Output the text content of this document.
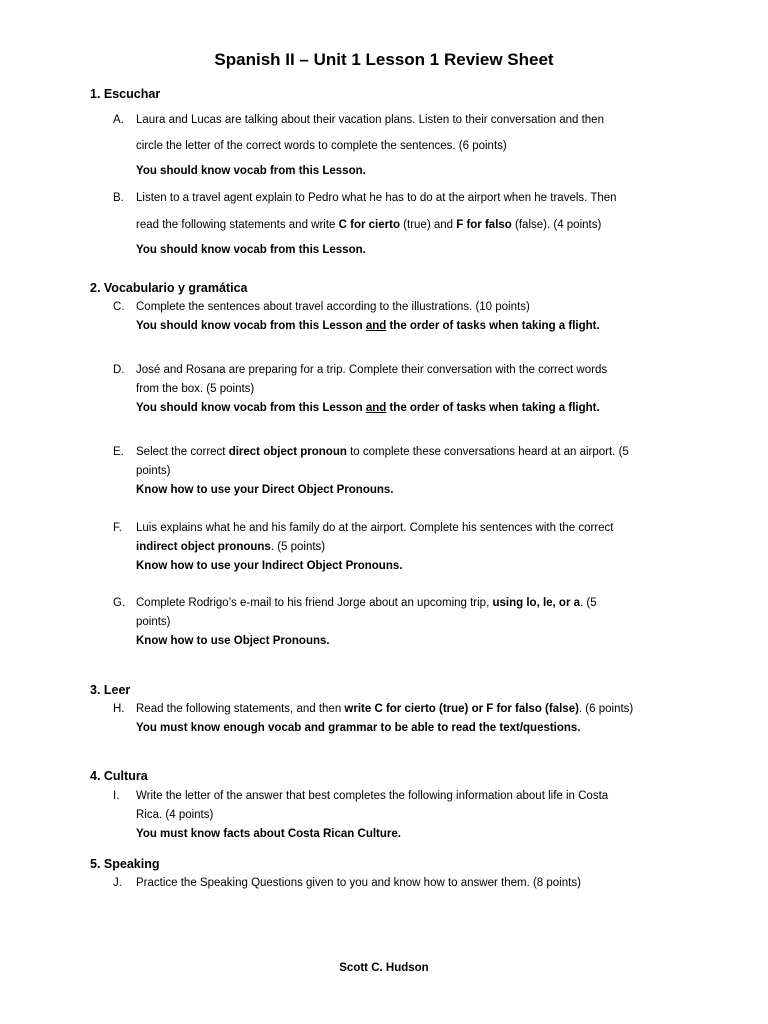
Spanish II – Unit 1 Lesson 1 Review Sheet
1. Escuchar
A.	Laura and Lucas are talking about their vacation plans. Listen to their conversation and then
circle the letter of the correct words to complete the sentences. (6 points)
You should know vocab from this Lesson.
B.	Listen to a travel agent explain to Pedro what he has to do at the airport when he travels. Then
read the following statements and write C for cierto (true) and F for falso (false). (4 points)
You should know vocab from this Lesson.
2. Vocabulario y gramática
C.	Complete the sentences about travel according to the illustrations. (10 points)
You should know vocab from this Lesson and the order of tasks when taking a flight.
D.	José and Rosana are preparing for a trip. Complete their conversation with the correct words
from the box. (5 points)
You should know vocab from this Lesson and the order of tasks when taking a flight.
E.	Select the correct direct object pronoun to complete these conversations heard at an airport. (5
points)
Know how to use your Direct Object Pronouns.
F.	Luis explains what he and his family do at the airport. Complete his sentences with the correct
indirect object pronouns. (5 points)
Know how to use your Indirect Object Pronouns.
G. Complete Rodrigo’s e-mail to his friend Jorge about an upcoming trip, using lo, le, or a. (5
points)
Know how to use Object Pronouns.
3. Leer
H.	Read the following statements, and then write C for cierto (true) or F for falso (false). (6 points)
You must know enough vocab and grammar to be able to read the text/questions.
4. Cultura
I.	Write the letter of the answer that best completes the following information about life in Costa
Rica. (4 points)
You must know facts about Costa Rican Culture.
5. Speaking
J.	Practice the Speaking Questions given to you and know how to answer them. (8 points)
Scott C. Hudson
